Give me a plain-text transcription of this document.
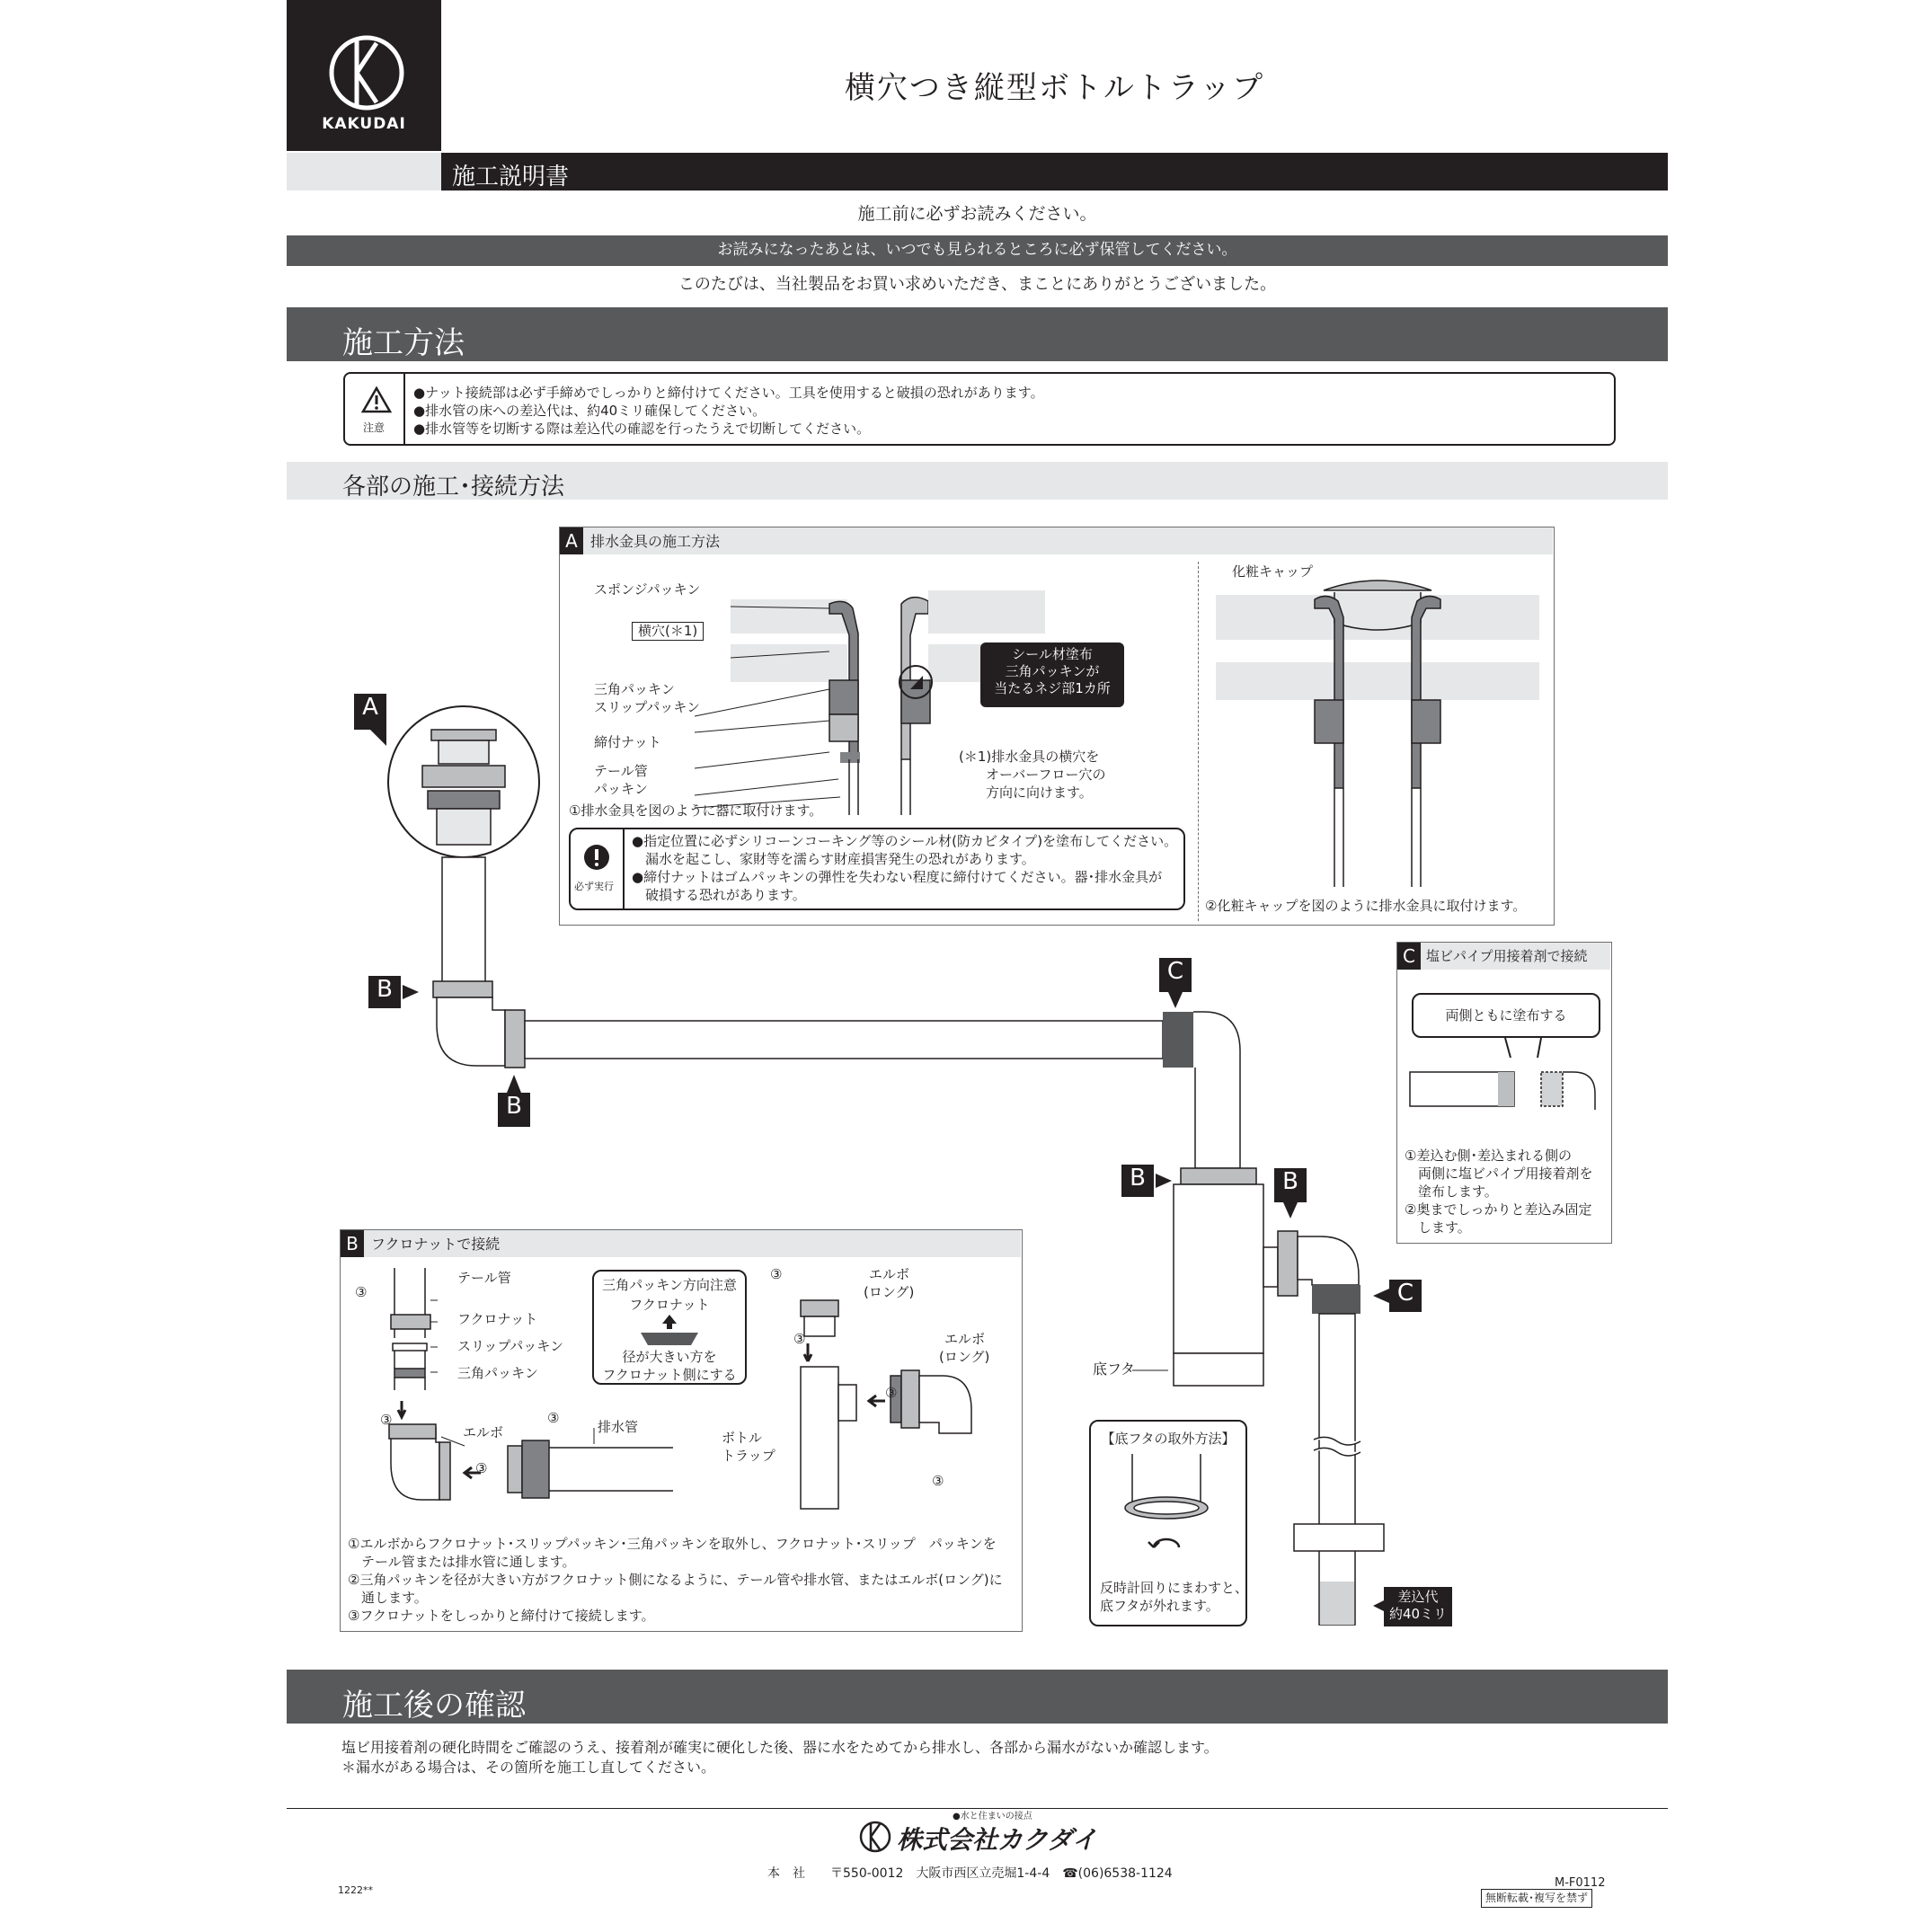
KAKUDAI
横穴つき縦型ボトルトラップ
施工説明書
施工前に必ずお読みください。
お読みになったあとは、いつでも見られるところに必ず保管してください。
このたびは、当社製品をお買い求めいただき、まことにありがとうございました。
施工方法
注意
●ナット接続部は必ず手締めでしっかりと締付けてください。工具を使用すると破損の恐れがあります。
●排水管の床への差込代は、約40ミリ確保してください。
●排水管等を切断する際は差込代の確認を行ったうえで切断してください。
各部の施工･接続方法
A 排水金具の施工方法
スポンジパッキン
横穴(＊1)
三角パッキン
スリップパッキン
締付ナット
テール管
パッキン
シール材塗布
三角パッキンが
当たるネジ部1カ所
(＊1)排水金具の横穴を
オーバーフロー穴の
方向に向けます。
①排水金具を図のように器に取付けます。
必ず実行
●指定位置に必ずシリコーンコーキング等のシール材(防カビタイプ)を塗布してください。
　漏水を起こし、家財等を濡らす財産損害発生の恐れがあります。
●締付ナットはゴムパッキンの弾性を失わない程度に締付けてください。器･排水金具が
　破損する恐れがあります。
化粧キャップ
②化粧キャップを図のように排水金具に取付けます。
A
B
B
C
B	B
C
底フタ
差込代
約40ミリ
C 塩ビパイプ用接着剤で接続
両側ともに塗布する
①差込む側･差込まれる側の
　両側に塩ビパイプ用接着剤を
　塗布します。
②奥までしっかりと差込み固定
　します。
B フクロナットで接続
テール管
フクロナット
スリップパッキン
三角パッキン
エルボ	排水管
エルボ
(ロング)
エルボ
(ロング)
ボトル
トラップ
③
③	③
③
③
③
③
③
三角パッキン方向注意
フクロナット
径が大きい方を
フクロナット側にする
①エルボからフクロナット･スリップパッキン･三角パッキンを取外し、フクロナット･スリップ　パッキンを
　テール管または排水管に通します。
②三角パッキンを径が大きい方がフクロナット側になるように、テール管や排水管、またはエルボ(ロング)に
　通します。
③フクロナットをしっかりと締付けて接続します。
【底フタの取外方法】
反時計回りにまわすと、
底フタが外れます。
施工後の確認
塩ビ用接着剤の硬化時間をご確認のうえ、接着剤が確実に硬化した後、器に水をためてから排水し、各部から漏水がないか確認します。
＊漏水がある場合は、その箇所を施工し直してください。
●水と住まいの接点
株式会社カクダイ
本　社　　〒550-0012　大阪市西区立売堀1-4-4　☎(06)6538-1124
M-F0112
無断転載･複写を禁ず
1222**
